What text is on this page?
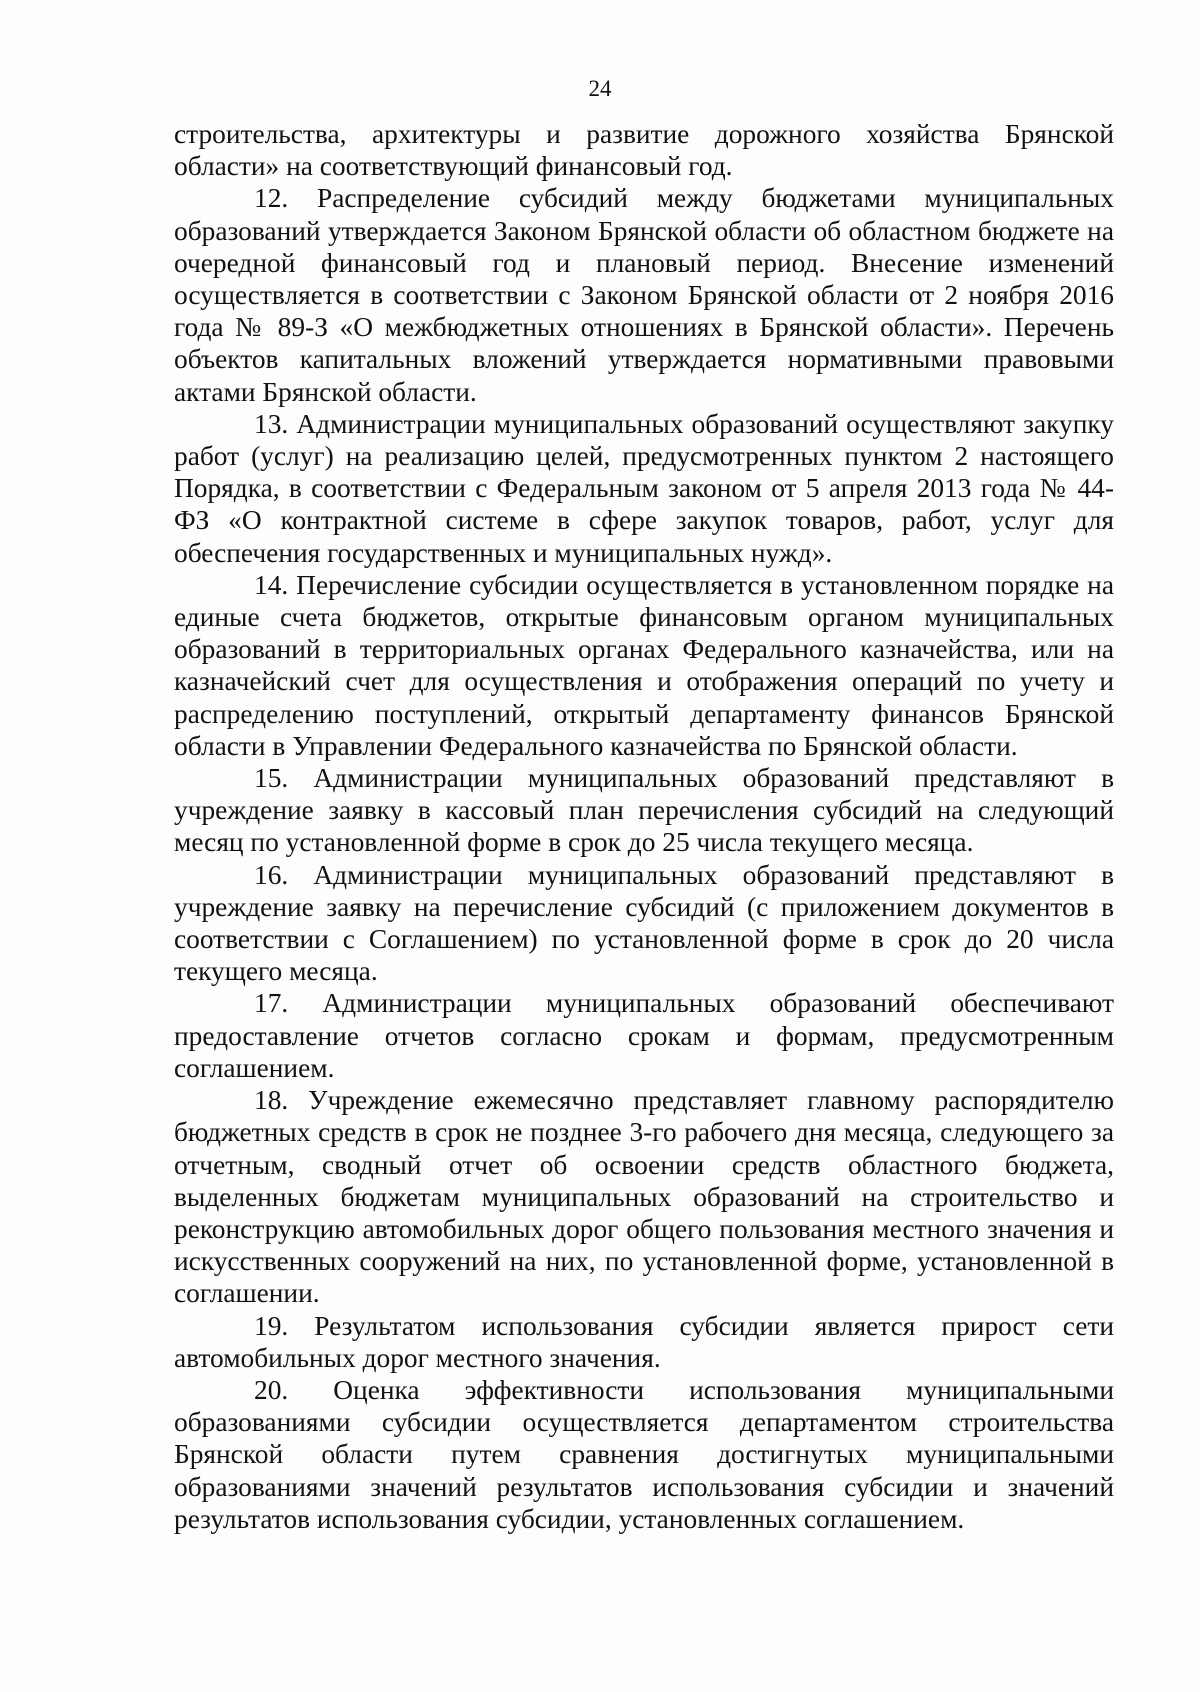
24

строительства, архитектуры и развитие дорожного хозяйства Брянской области» на соответствующий финансовый год.

12. Распределение субсидий между бюджетами муниципальных образований утверждается Законом Брянской области об областном бюджете на очередной финансовый год и плановый период. Внесение изменений осуществляется в соответствии с Законом Брянской области от 2 ноября 2016 года № 89-З «О межбюджетных отношениях в Брянской области». Перечень объектов капитальных вложений утверждается нормативными правовыми актами Брянской области.

13. Администрации муниципальных образований осуществляют закупку работ (услуг) на реализацию целей, предусмотренных пунктом 2 настоящего Порядка, в соответствии с Федеральным законом от 5 апреля 2013 года № 44-ФЗ «О контрактной системе в сфере закупок товаров, работ, услуг для обеспечения государственных и муниципальных нужд».

14. Перечисление субсидии осуществляется в установленном порядке на единые счета бюджетов, открытые финансовым органом муниципальных образований в территориальных органах Федерального казначейства, или на казначейский счет для осуществления и отображения операций по учету и распределению поступлений, открытый департаменту финансов Брянской области в Управлении Федерального казначейства по Брянской области.

15. Администрации муниципальных образований представляют в учреждение заявку в кассовый план перечисления субсидий на следующий месяц по установленной форме в срок до 25 числа текущего месяца.

16. Администрации муниципальных образований представляют в учреждение заявку на перечисление субсидий (с приложением документов в соответствии с Соглашением) по установленной форме в срок до 20 числа текущего месяца.

17. Администрации муниципальных образований обеспечивают предоставление отчетов согласно срокам и формам, предусмотренным соглашением.

18. Учреждение ежемесячно представляет главному распорядителю бюджетных средств в срок не позднее 3-го рабочего дня месяца, следующего за отчетным, сводный отчет об освоении средств областного бюджета, выделенных бюджетам муниципальных образований на строительство и реконструкцию автомобильных дорог общего пользования местного значения и искусственных сооружений на них, по установленной форме, установленной в соглашении.

19. Результатом использования субсидии является прирост сети автомобильных дорог местного значения.

20. Оценка эффективности использования муниципальными образованиями субсидии осуществляется департаментом строительства Брянской области путем сравнения достигнутых муниципальными образованиями значений результатов использования субсидии и значений результатов использования субсидии, установленных соглашением.
